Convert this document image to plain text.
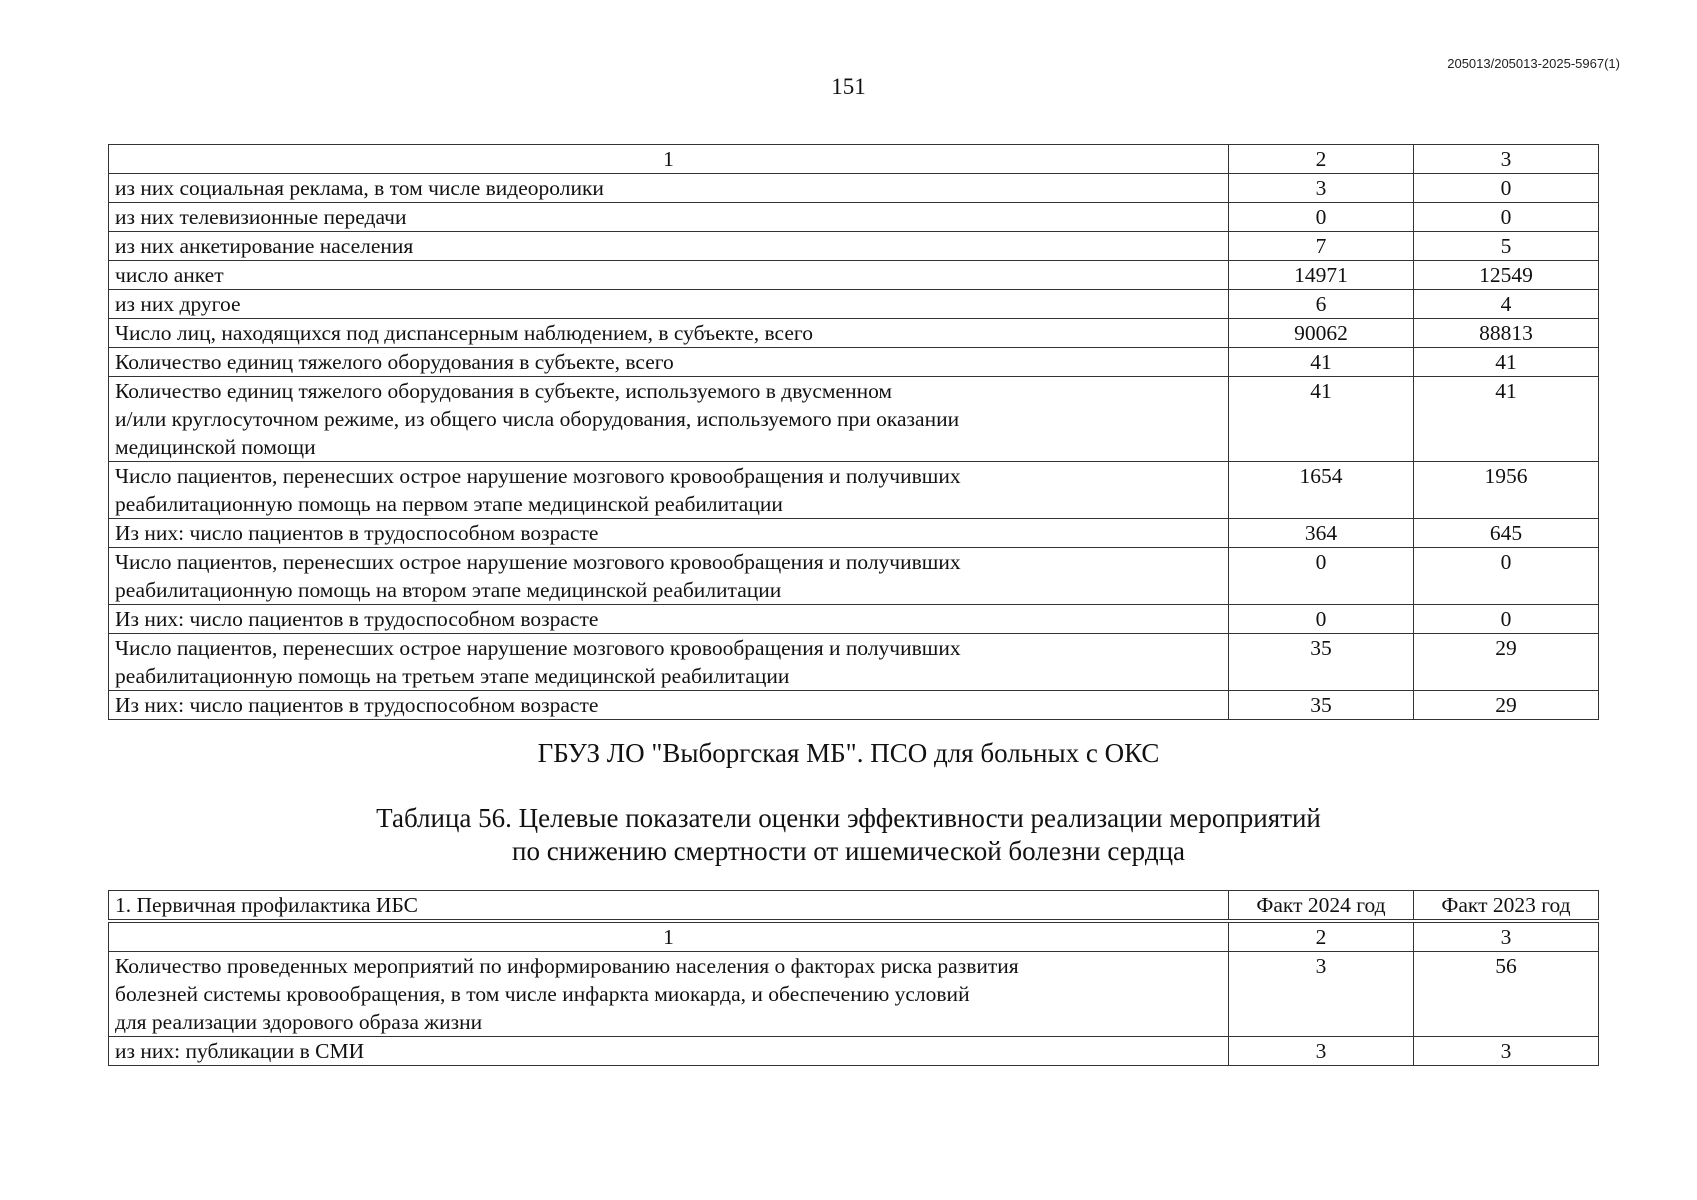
205013/205013-2025-5967(1)
151
1	2	3
из них социальная реклама, в том числе видеоролики	3	0
из них телевизионные передачи	0	0
из них анкетирование населения	7	5
число анкет	14971	12549
из них другое	6	4
Число лиц, находящихся под диспансерным наблюдением, в субъекте, всего	90062	88813
Количество единиц тяжелого оборудования в субъекте, всего	41	41
Количество единиц тяжелого оборудования в субъекте, используемого в двусменном
и/или круглосуточном режиме, из общего числа оборудования, используемого при оказании
медицинской помощи	41	41
Число пациентов, перенесших острое нарушение мозгового кровообращения и получивших
реабилитационную помощь на первом этапе медицинской реабилитации	1654	1956
Из них: число пациентов в трудоспособном возрасте	364	645
Число пациентов, перенесших острое нарушение мозгового кровообращения и получивших
реабилитационную помощь на втором этапе медицинской реабилитации	0	0
Из них: число пациентов в трудоспособном возрасте	0	0
Число пациентов, перенесших острое нарушение мозгового кровообращения и получивших
реабилитационную помощь на третьем этапе медицинской реабилитации	35	29
Из них: число пациентов в трудоспособном возрасте	35	29
ГБУЗ ЛО "Выборгская МБ". ПСО для больных с ОКС
Таблица 56. Целевые показатели оценки эффективности реализации мероприятий
по снижению смертности от ишемической болезни сердца
1. Первичная профилактика ИБС	Факт 2024 год	Факт 2023 год
1	2	3
Количество проведенных мероприятий по информированию населения о факторах риска развития
болезней системы кровообращения, в том числе инфаркта миокарда, и обеспечению условий
для реализации здорового образа жизни	3	56
из них: публикации в СМИ	3	3
